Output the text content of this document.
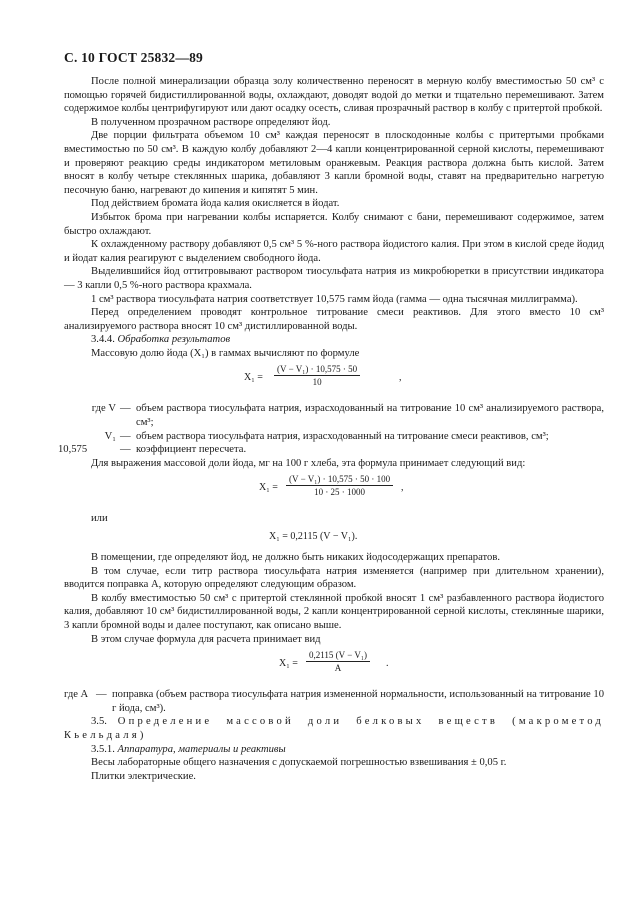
С. 10 ГОСТ 25832—89

После полной минерализации образца золу количественно переносят в мерную колбу вместимостью 50 см³ с помощью горячей бидистиллированной воды, охлаждают, доводят водой до метки и тщательно перемешивают. Затем содержимое колбы центрифугируют или дают осадку осесть, сливая прозрачный раствор в колбу с притертой пробкой.

В полученном прозрачном растворе определяют йод.

Две порции фильтрата объемом 10 см³ каждая переносят в плоскодонные колбы с притертыми пробками вместимостью по 50 см³. В каждую колбу добавляют 2—4 капли концентрированной серной кислоты, перемешивают и проверяют реакцию среды индикатором метиловым оранжевым. Реакция раствора должна быть кислой. Затем вносят в колбу четыре стеклянных шарика, добавляют 3 капли бромной воды, ставят на предварительно нагретую песочную баню, нагревают до кипения и кипятят 5 мин.

Под действием бромата йода калия окисляется в йодат.

Избыток брома при нагревании колбы испаряется. Колбу снимают с бани, перемешивают содержимое, затем быстро охлаждают.

К охлажденному раствору добавляют 0,5 см³ 5 %-ного раствора йодистого калия. При этом в кислой среде йодид и йодат калия реагируют с выделением свободного йода.

Выделившийся йод оттитровывают раствором тиосульфата натрия из микробюретки в присутствии индикатора — 3 капли 0,5 %-ного раствора крахмала.

1 см³ раствора тиосульфата натрия соответствует 10,575 гамм йода (гамма — одна тысячная миллиграмма).

Перед определением проводят контрольное титрование смеси реактивов. Для этого вместо 10 см³ анализируемого раствора вносят 10 см³ дистиллированной воды.

3.4.4. Обработка результатов

Массовую долю йода (X₁) в гаммах вычисляют по формуле

$X_1 = \frac{\text{(V − V₁) · 10,575 · 50}}{10}$	,
где V — объем раствора тиосульфата натрия, израсходованный на титрование 10 см³ анализируемого раствора, см³;
V₁ — объем раствора тиосульфата натрия, израсходованный на титрование смеси реактивов, см³;
10,575	— коэффициент пересчета.

Для выражения массовой доли йода, мг на 100 г хлеба, эта формула принимает следующий вид:

$X_1 = \frac{\text{(V − V₁) · 10,575 · 50 · 100}}{10 \cdot 25 \cdot 1000}$ ,

или

X₁ = 0,2115 (V − V₁).

В помещении, где определяют йод, не должно быть никаких йодосодержащих препаратов.

В том случае, если титр раствора тиосульфата натрия изменяется (например при длительном хранении), вводится поправка A, которую определяют следующим образом.

В колбу вместимостью 50 см³ с притертой стеклянной пробкой вносят 1 см³ разбавленного раствора йодистого калия, добавляют 10 см³ бидистиллированной воды, 2 капли концентрированной серной кислоты, стеклянные шарики, 3 капли бромной воды и далее поступают, как описано выше.

В этом случае формула для расчета принимает вид

$X_1 = \frac{\text{0,2115 (V − V₁)}}{A}$ .
где A — поправка (объем раствора тиосульфата натрия измененной нормальности, использованный на титрование 10 г йода, см³).

3.5. Определение массовой доли белковых веществ (макрометод Кьельдаля)

3.5.1. Аппаратура, материалы и реактивы

Весы лабораторные общего назначения с допускаемой погрешностью взвешивания ± 0,05 г.

Плитки электрические.
